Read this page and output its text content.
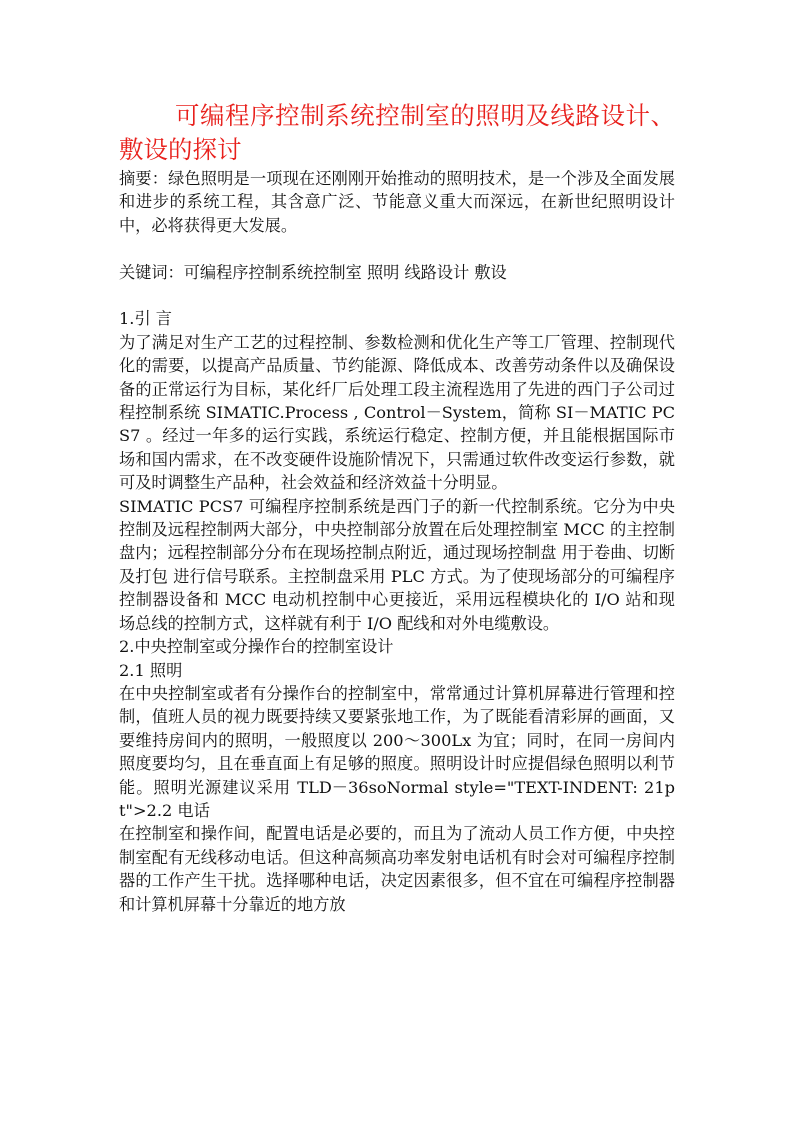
可编程序控制系统控制室的照明及线路设计、敷设的探讨

摘要：绿色照明是一项现在还刚刚开始推动的照明技术，是一个涉及全面发展和进步的系统工程，其含意广泛、节能意义重大而深远，在新世纪照明设计中，必将获得更大发展。

关键词：可编程序控制系统控制室 照明 线路设计 敷设

1.引 言

为了满足对生产工艺的过程控制、参数检测和优化生产等工厂管理、控制现代化的需要，以提高产品质量、节约能源、降低成本、改善劳动条件以及确保设备的正常运行为目标，某化纤厂后处理工段主流程选用了先进的西门子公司过程控制系统 SIMATIC.Process , Control－System，简称 SI－MATIC PCS7 。经过一年多的运行实践，系统运行稳定、控制方便，并且能根据国际市场和国内需求，在不改变硬件设施阶情况下，只需通过软件改变运行参数，就可及时调整生产品种，社会效益和经济效益十分明显。

SIMATIC PCS7 可编程序控制系统是西门子的新一代控制系统。它分为中央控制及远程控制两大部分，中央控制部分放置在后处理控制室 MCC 的主控制盘内；远程控制部分分布在现场控制点附近，通过现场控制盘 用于卷曲、切断及打包 进行信号联系。主控制盘采用 PLC 方式。为了使现场部分的可编程序控制器设备和 MCC 电动机控制中心更接近，采用远程模块化的 I/O 站和现场总线的控制方式，这样就有利于 I/O 配线和对外电缆敷设。

2.中央控制室或分操作台的控制室设计

2.1 照明

在中央控制室或者有分操作台的控制室中，常常通过计算机屏幕进行管理和控制，值班人员的视力既要持续又要紧张地工作，为了既能看清彩屏的画面，又要维持房间内的照明，一般照度以 200～300Lx 为宜；同时，在同一房间内照度要均匀，且在垂直面上有足够的照度。照明设计时应提倡绿色照明以利节能。照明光源建议采用 TLD－36soNormal style="TEXT-INDENT: 21pt">2.2 电话

在控制室和操作间，配置电话是必要的，而且为了流动人员工作方便，中央控制室配有无线移动电话。但这种高频高功率发射电话机有时会对可编程序控制器的工作产生干扰。选择哪种电话，决定因素很多，但不宜在可编程序控制器和计算机屏幕十分靠近的地方放
